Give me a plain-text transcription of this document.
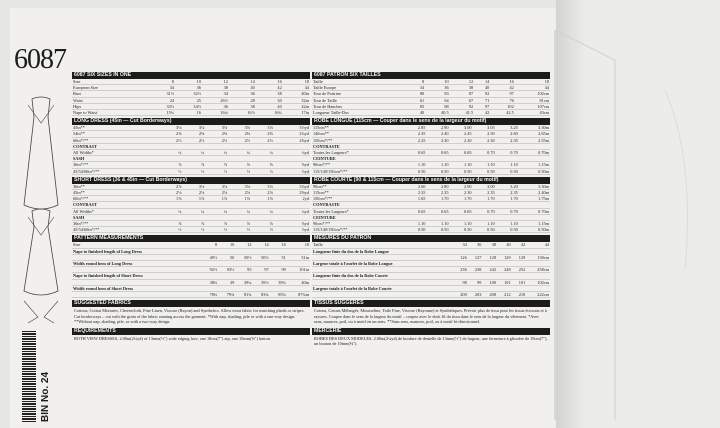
6087
BIN No. 24
6087 SIX SIZES IN ONE
Size	8	10	12	14	16	18
European Size	34	36	38	40	42	44
Bust	31½	32½	34	36	38	40in
Waist	24	25	26½	28	30	32in
Hips	33½	34½	36	38	40	42in
Nape to Waist	15¾	16	16¼	16½	16¾	17in
LONG DRESS (45in — Cut Borderways)
45in**	3⅛	3⅛	3⅛	3⅛	3⅛	3½yd
54in**	2⅜	2⅜	2⅜	2⅜	2⅜	2¾yd
60in*/**	2½	2½	2½	2½	2½	2⅝yd
CONTRAST						
All Widths*	¼	¼	¼	¼	¼	¼yd
SASH						
36in*/**	⅞	⅞	⅞	⅞	⅞	⅞yd
45/54/60in*/**	½	½	½	½	½	½yd
SHORT DRESS (36 & 45in — Cut Borderways)
36in**	2⅞	3⅛	3⅛	3⅛	3⅛	3⅛yd
45in**	2⅛	2⅛	2⅛	2⅛	2⅛	2⅝yd
60in*/**	1⅞	1⅞	1⅞	1⅞	1⅞	2yd
CONTRAST						
All Widths*	¼	¼	¼	¼	¼	¼yd
SASH						
36in*/**	⅞	⅞	⅞	⅞	⅞	⅞yd
45/54/60in*/**	½	½	½	½	½	½yd
PATTERN MEASUREMENTS
Size	8	10	12	14	16	18
Nape to finished length of Long Dress						
	49½	50	50½	50½	51	51in
Width round hem of Long Dress						
	92½	93½	95	97	99	101in
Nape to finished length of Short Dress						
	38¾	39	39¼	39½	39¾	40in
Width round hem of Short Dress						
	78¾	79¾	81¾	83¾	85¾	87¾in
SUGGESTED FABRICS
Cottons, Cotton Mixtures, Cheesecloth, Fine Linen, Viscose (Rayon) and Synthetics. Allow extra fabric for matching plaids or stripes. Cut borderways – cut with the grain of the fabric running across the garment. *With nap, shading, pile or with a one-way design. **Without nap, shading, pile, or with a two-way design.
REQUIREMENTS
BOTH VIEW DRESSES, 2.00m(2¼yd) of 13mm(½") wide edging lace, one 18cm(7") zip, one 10mm(⅜") button.
6087 PATRON SIX TAILLES
Taille	8	10	12	14	16	18
Taille Europe	34	36	38	40	42	44
Tour de Poitrine	80	83	87	92	97	102cm
Tour de Taille	61	64	67	71	76	81cm
Tour de Hanches	85	88	92	97	102	107cm
Longueur Taille-Dos	40	40.5	41.5	42	42.5	43cm
ROBE LONGUE (115cm — Couper dans le sens de la largeur du motif)
115cm**	2.85	2.90	3.00	3.05	3.25	3.30m
140cm**	2.35	2.40	2.45	2.50	2.60	2.65m
150cm*/**	2.25	2.30	2.30	2.30	2.35	2.55m
CONTRASTE						
Toutes les Largeurs*	0.65	0.65	0.65	0.70	0.70	0.70m
CEINTURE						
90cm*/**	1.10	1.10	1.10	1.10	1.10	1.15m
115/140/150cm*/**	0.50	0.50	0.50	0.50	0.50	0.50m
ROBE COURTE (90 & 115cm — Couper dans le sens de la largeur du motif)
90cm**	2.60	2.80	2.90	3.00	3.20	3.30m
115cm**	2.35	2.35	2.30	2.35	2.35	2.40m
150cm*/**	1.65	1.70	1.70	1.70	1.70	1.75m
CONTRASTE						
Toutes les Largeurs*	0.65	0.65	0.65	0.70	0.70	0.70m
CEINTURE						
90cm*/**	1.10	1.10	1.10	1.10	1.10	1.15m
115/140/150cm*/**	0.50	0.50	0.50	0.50	0.50	0.50m
MESURES DU PATRON
Taille	34	36	38	40	42	44
Longueur finie du dos de la Robe Longue						
	126	127	128	129	129	130cm
Largeur totale à l'ourlet de la Robe Longue						
	236	238	242	248	252	258cm
Longueur finie du dos de la Robe Courte						
	98	99	100	101	101	102cm
Largeur totale à l'ourlet de la Robe Courte						
	200	203	208	212	218	222cm
TISSUS SUGGERES
Cotons, Cotons Mélangés, Mousseline, Toile Fine, Viscose (Rayonne) et Synthétiques. Prévoir plus de tissu pour les tissus écossais et à rayures. Coupez dans le sens de la largeur du motif – coupez avec le droit fil du tissu dans le sens de la largeur du vêtement. *Avec sens, nuances, poil, ou à motif en un sens. **Sans sens, nuances, poil, ou à motif bi-directionnel.
MERCERIE
ROBES DES DEUX MODELES, 2.00m(2¼yd) de bordure de dentelle de 13mm(½") de largeur, une fermeture à glissière de 18cm(7"), un bouton de 10mm(⅜").
